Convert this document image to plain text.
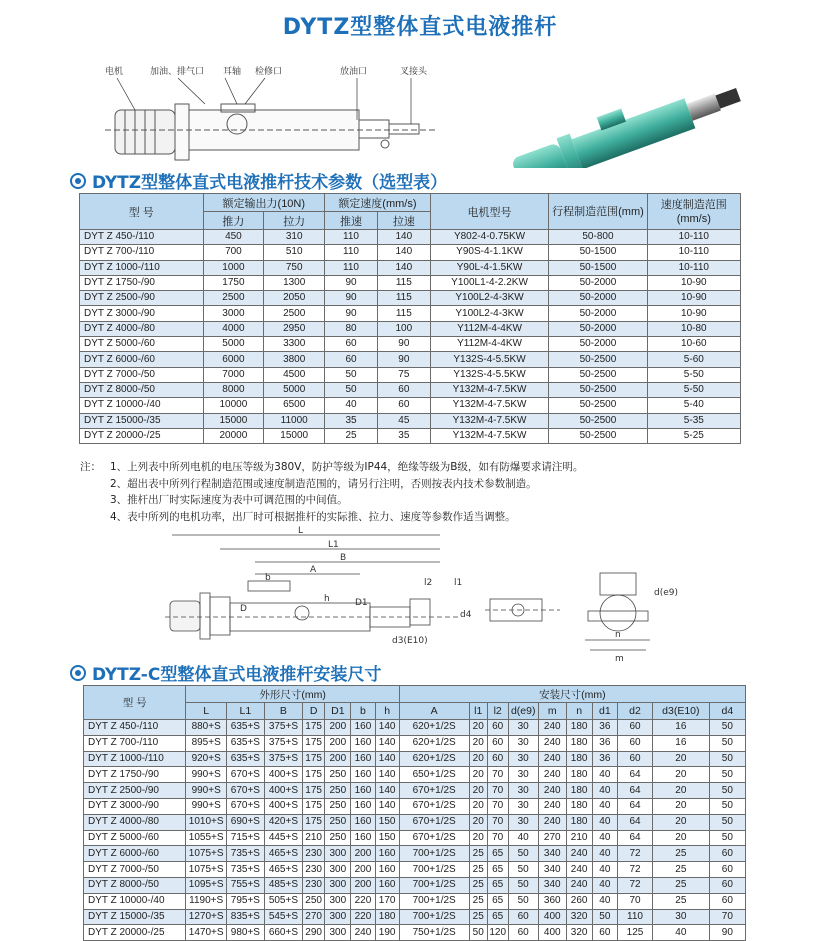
DYTZ型整体直式电液推杆
电机	加油、排气口 耳轴 检修口	放油口	叉接头
DYTZ型整体直式电液推杆技术参数（选型表）
型 号	额定输出力(10N)		额定速度(mm/s)		电机型号	行程制造范围(mm)	速度制造范围(mm/s)
	推力	拉力	推速	拉速			
DYT Z 450-/110	450	310	110	140	Y802-4-0.75KW	50-800	10-110
DYT Z 700-/110	700	510	110	140	Y90S-4-1.1KW	50-1500	10-110
DYT Z 1000-/110	1000	750	110	140	Y90L-4-1.5KW	50-1500	10-110
DYT Z 1750-/90	1750	1300	90	115	Y100L1-4-2.2KW	50-2000	10-90
DYT Z 2500-/90	2500	2050	90	115	Y100L2-4-3KW	50-2000	10-90
DYT Z 3000-/90	3000	2500	90	115	Y100L2-4-3KW	50-2000	10-90
DYT Z 4000-/80	4000	2950	80	100	Y112M-4-4KW	50-2000	10-80
DYT Z 5000-/60	5000	3300	60	90	Y112M-4-4KW	50-2000	10-60
DYT Z 6000-/60	6000	3800	60	90	Y132S-4-5.5KW	50-2500	5-60
DYT Z 7000-/50	7000	4500	50	75	Y132S-4-5.5KW	50-2500	5-50
DYT Z 8000-/50	8000	5000	50	60	Y132M-4-7.5KW	50-2500	5-50
DYT Z 10000-/40	10000	6500	40	60	Y132M-4-7.5KW	50-2500	5-40
DYT Z 15000-/35	15000	11000	35	45	Y132M-4-7.5KW	50-2500	5-35
DYT Z 20000-/25	20000	15000	25	35	Y132M-4-7.5KW	50-2500	5-25
注： 1、上列表中所列电机的电压等级为380V，防护等级为IP44，绝缘等级为B级，如有防爆要求请注明。
2、超出表中所列行程制造范围或速度制造范围的，请另行注明，否则按表内技术参数制造。
3、推杆出厂时实际速度为表中可调范围的中间值。
4、表中所列的电机功率，出厂时可根据推杆的实际推、拉力、速度等参数作适当调整。
L
L1
B
A
b
D
D1
h
l2 l1
d4
d3(E10)
d(e9)
n
m
DYTZ-C型整体直式电液推杆安装尺寸
型 号	外形尺寸(mm)							安装尺寸(mm)									
	L	L1	B	D	D1	b	h	A	l1	l2	d(e9)	m	n	d1	d2	d3(E10)	d4
DYT Z 450-/110	880+S	635+S	375+S	175	200	160	140	620+1/2S	20	60	30	240	180	36	60	16	50
DYT Z 700-/110	895+S	635+S	375+S	175	200	160	140	620+1/2S	20	60	30	240	180	36	60	16	50
DYT Z 1000-/110	920+S	635+S	375+S	175	200	160	140	620+1/2S	20	60	30	240	180	36	60	20	50
DYT Z 1750-/90	990+S	670+S	400+S	175	250	160	140	650+1/2S	20	70	30	240	180	40	64	20	50
DYT Z 2500-/90	990+S	670+S	400+S	175	250	160	140	670+1/2S	20	70	30	240	180	40	64	20	50
DYT Z 3000-/90	990+S	670+S	400+S	175	250	160	140	670+1/2S	20	70	30	240	180	40	64	20	50
DYT Z 4000-/80	1010+S	690+S	420+S	175	250	160	150	670+1/2S	20	70	30	240	180	40	64	20	50
DYT Z 5000-/60	1055+S	715+S	445+S	210	250	160	150	670+1/2S	20	70	40	270	210	40	64	20	50
DYT Z 6000-/60	1075+S	735+S	465+S	230	300	200	160	700+1/2S	25	65	50	340	240	40	72	25	60
DYT Z 7000-/50	1075+S	735+S	465+S	230	300	200	160	700+1/2S	25	65	50	340	240	40	72	25	60
DYT Z 8000-/50	1095+S	755+S	485+S	230	300	200	160	700+1/2S	25	65	50	340	240	40	72	25	60
DYT Z 10000-/40	1190+S	795+S	505+S	250	300	220	170	700+1/2S	25	65	50	360	260	40	70	25	60
DYT Z 15000-/35	1270+S	835+S	545+S	270	300	220	180	700+1/2S	25	65	60	400	320	50	110	30	70
DYT Z 20000-/25	1470+S	980+S	660+S	290	300	240	190	750+1/2S	50	120	60	400	320	60	125	40	90
